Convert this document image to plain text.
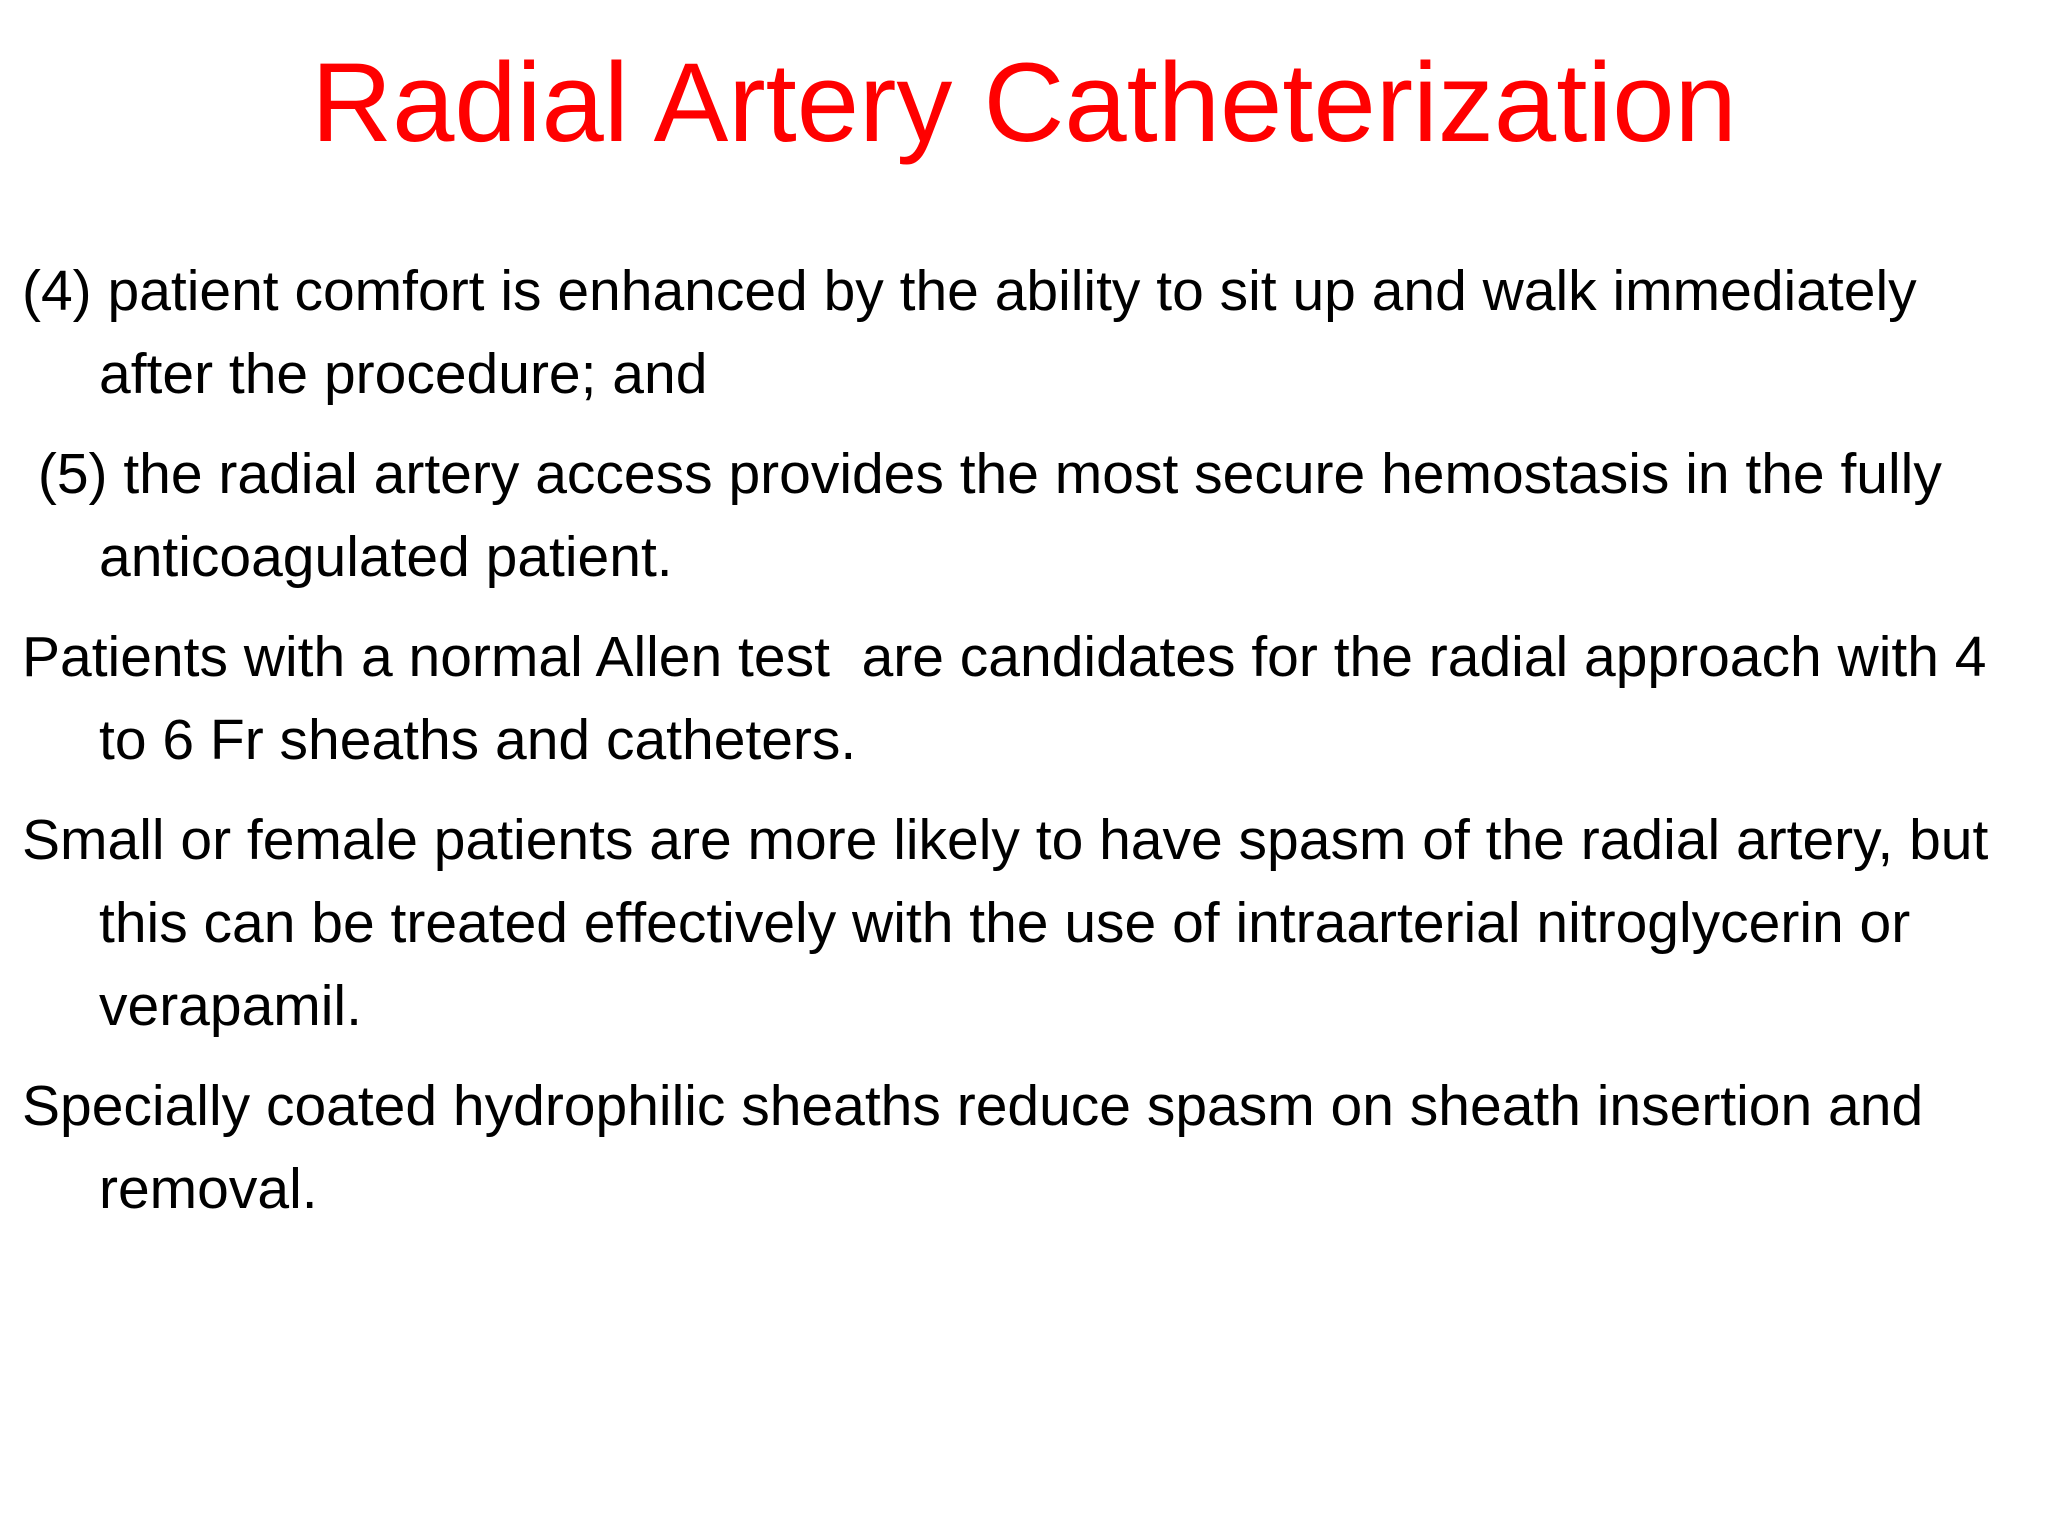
Radial Artery Catheterization

(4) patient comfort is enhanced by the ability to sit up and walk immediately after the procedure; and

(5) the radial artery access provides the most secure hemostasis in the fully anticoagulated patient.

Patients with a normal Allen test  are candidates for the radial approach with 4 to 6 Fr sheaths and catheters.

Small or female patients are more likely to have spasm of the radial artery, but this can be treated effectively with the use of intraarterial nitroglycerin or verapamil.

Specially coated hydrophilic sheaths reduce spasm on sheath insertion and removal.
